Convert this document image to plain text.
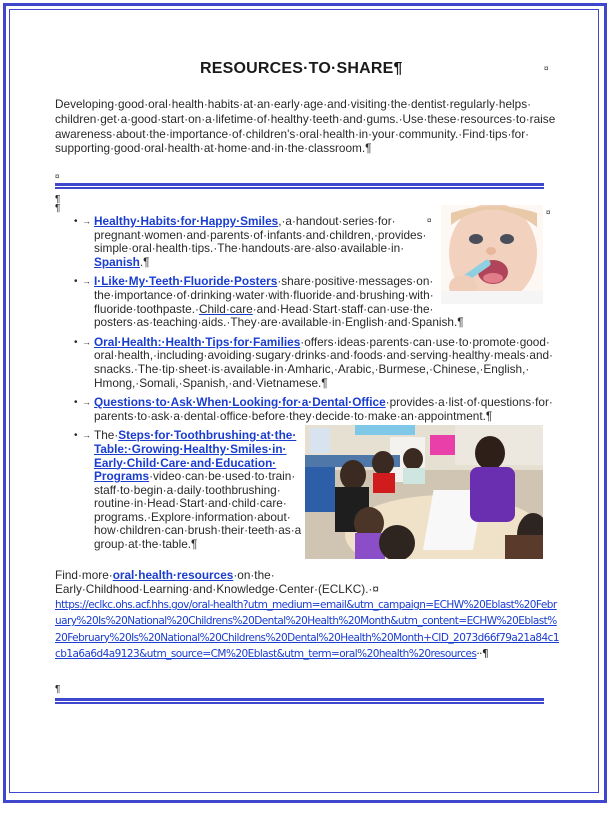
RESOURCES·TO·SHARE¶	¤
Developing·good·oral·health·habits·at·an·early·age·and·visiting·the·dentist·regularly·helps· children·get·a·good·start·on·a·lifetime·of·healthy·teeth·and·gums.·Use·these·resources·to·raise awareness·about·the·importance·of·children's·oral·health·in·your·community.·Find·tips·for· supporting·good·oral·health·at·home·and·in·the·classroom.¶
¤
¶
¶
¤
¤
• → Healthy·Habits·for·Happy·Smiles,·a·handout·series·for· pregnant·women·and·parents·of·infants·and·children,·provides· simple·oral·health·tips.·The·handouts·are·also·available·in· Spanish.¶
• → I·Like·My·Teeth·Fluoride·Posters·share·positive·messages·on· the·importance·of·drinking·water·with·fluoride·and·brushing·with· fluoride·toothpaste.·Child·care·and·Head·Start·staff·can·use·the· posters·as·teaching·aids.·They·are·available·in·English·and·Spanish.¶
• → Oral·Health:·Health·Tips·for·Families·offers·ideas·parents·can·use·to·promote·good· oral·health,·including·avoiding·sugary·drinks·and·foods·and·serving·healthy·meals·and· snacks.·The·tip·sheet·is·available·in·Amharic,·Arabic,·Burmese,·Chinese,·English,· Hmong,·Somali,·Spanish,·and·Vietnamese.¶
• → Questions·to·Ask·When·Looking·for·a·Dental·Office·provides·a·list·of·questions·for· parents·to·ask·a·dental·office·before·they·decide·to·make·an·appointment.¶
• → The·Steps·for·Toothbrushing·at·the· Table:·Growing·Healthy·Smiles·in· Early·Child·Care·and·Education· Programs·video·can·be·used·to·train· staff·to·begin·a·daily·toothbrushing· routine·in·Head·Start·and·child·care· programs.·Explore·information·about· how·children·can·brush·their·teeth·as·a group·at·the·table.¶
Find·more·oral·health·resources·on·the·
Early·Childhood·Learning·and·Knowledge·Center·(ECLKC).·¤
https://eclkc.ohs.acf.hhs.gov/oral-health?utm_medium=email&utm_campaign=ECHW%20Eblast%20February%20Is%20National%20Childrens%20Dental%20Health%20Month&utm_content=ECHW%20Eblast%20February%20Is%20National%20Childrens%20Dental%20Health%20Month+CID_2073d66f79a21a84c1cb1a6a6d4a9123&utm_source=CM%20Eblast&utm_term=oral%20health%20resources··¶
¶
